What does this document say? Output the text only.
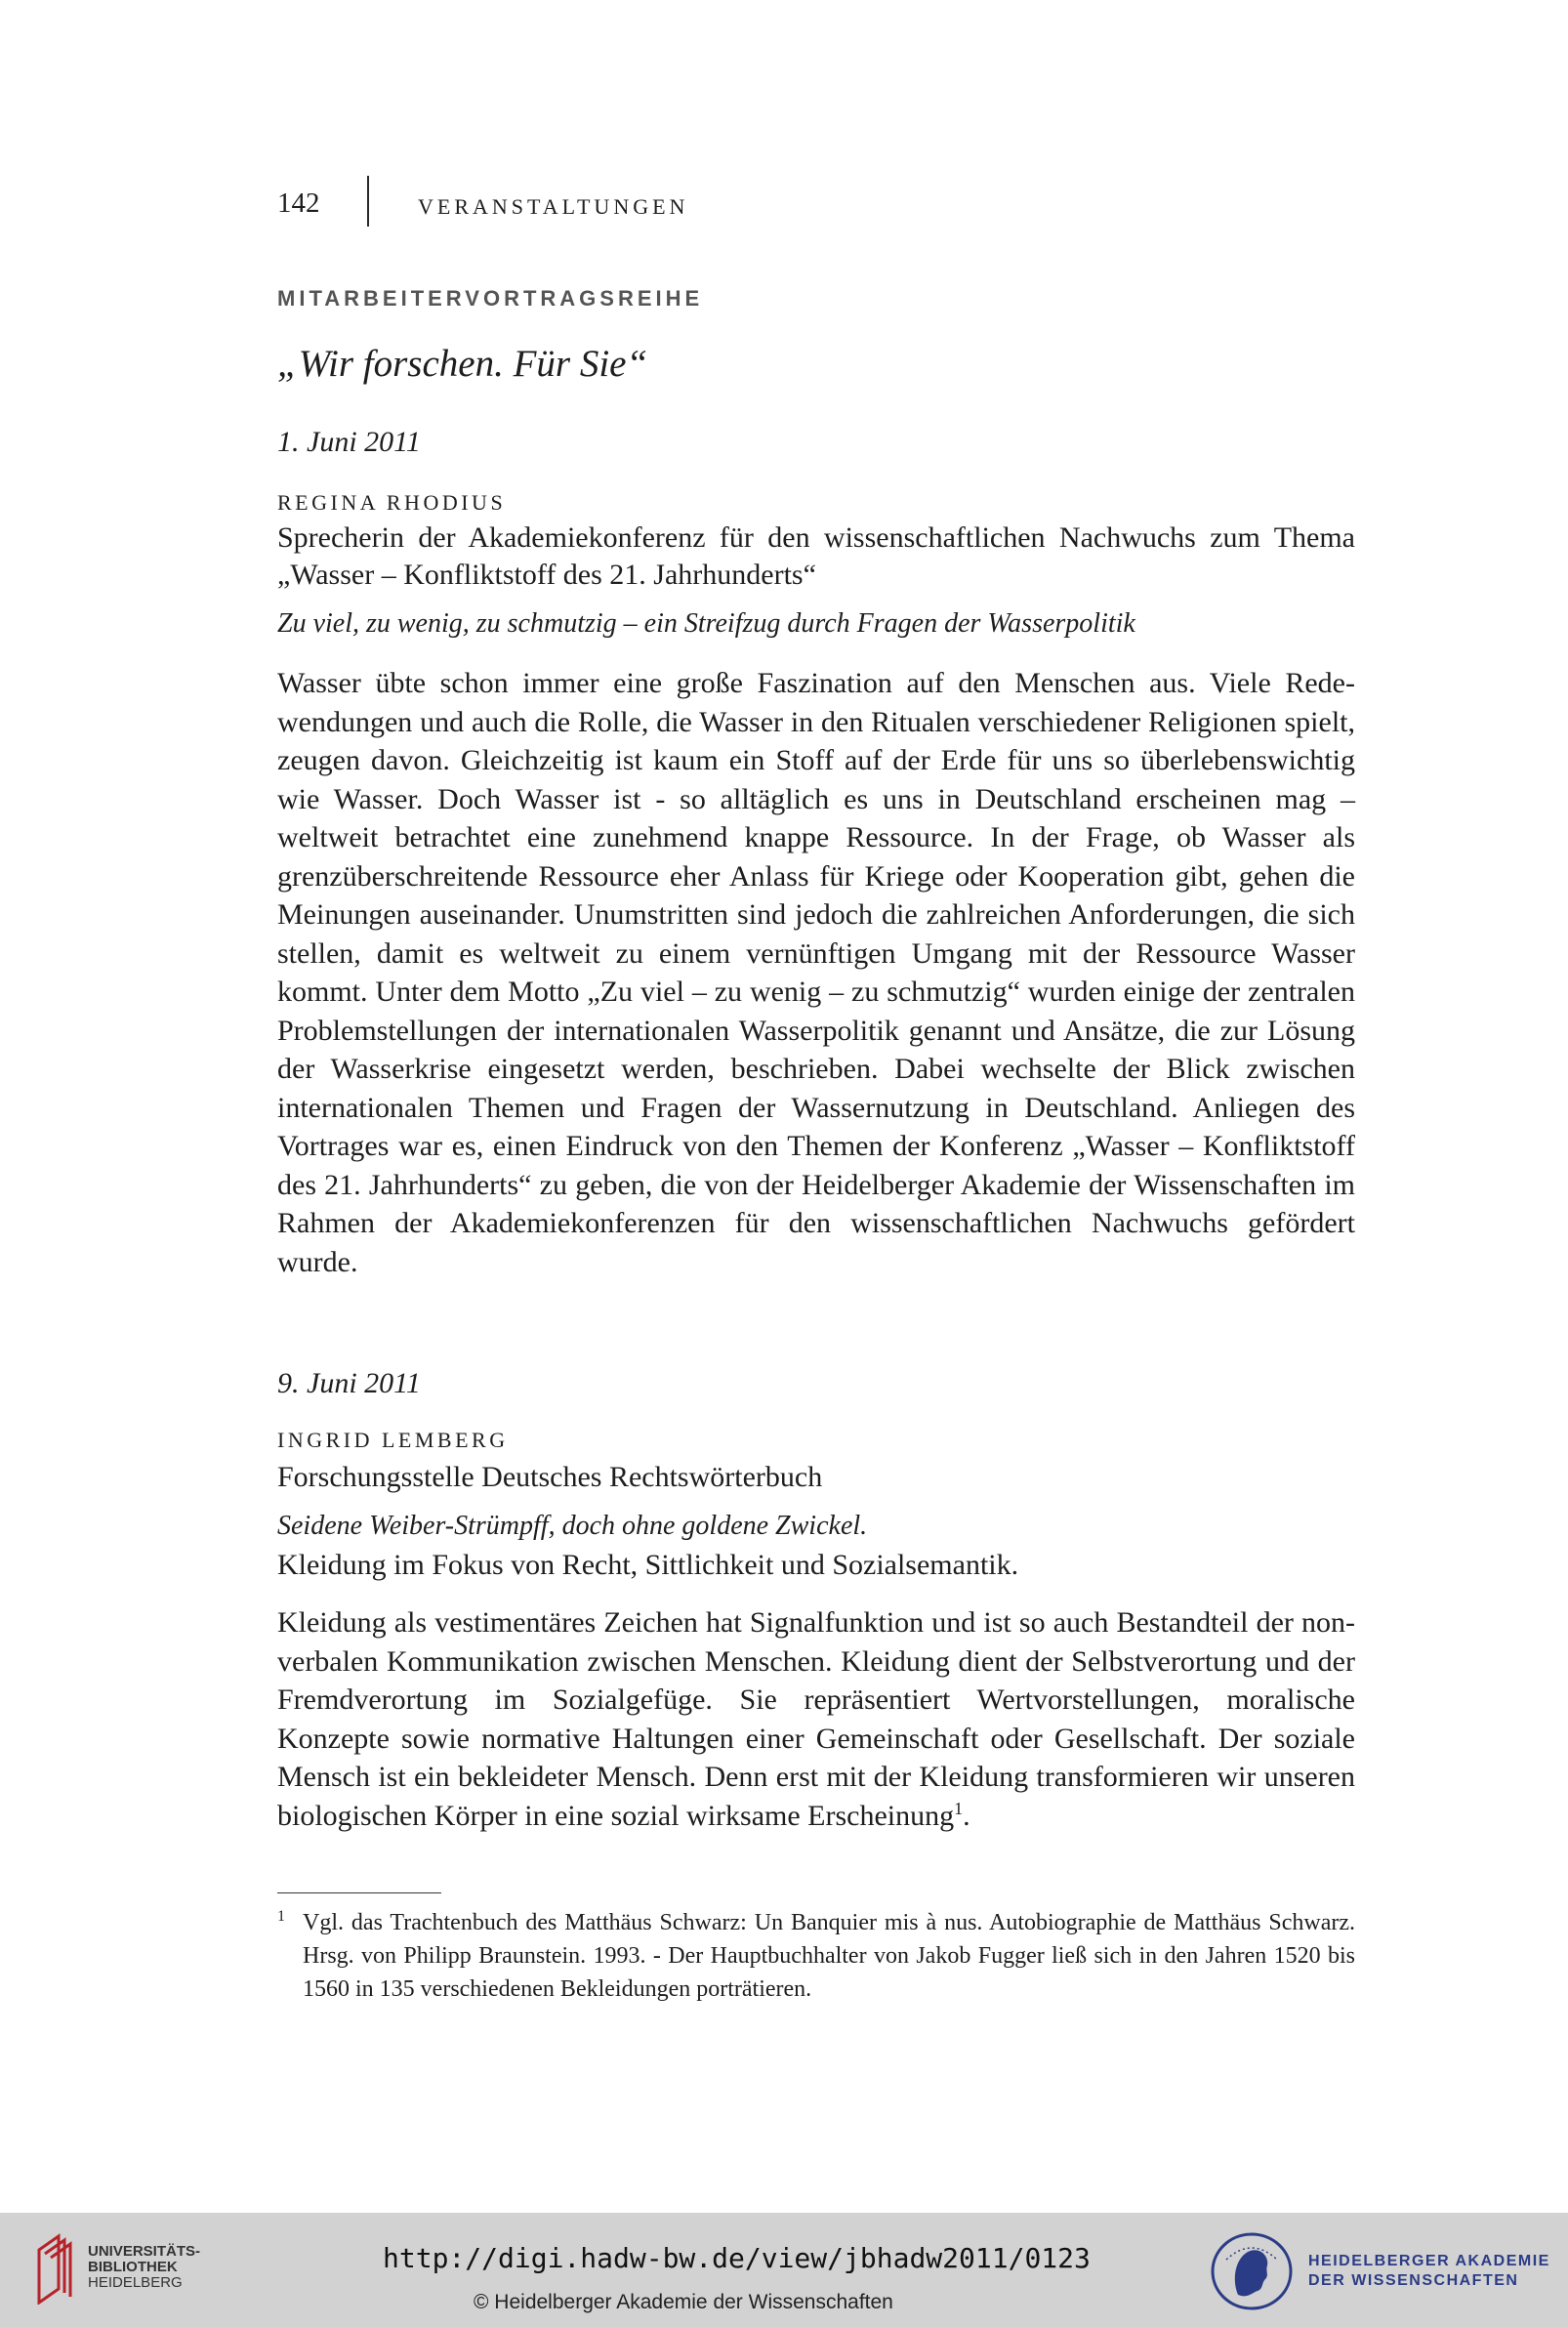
142	VERANSTALTUNGEN
MITARBEITERVORTRAGSREIHE
„Wir forschen. Für Sie“
1. Juni 2011
REGINA RHODIUS
Sprecherin der Akademiekonferenz für den wissenschaftlichen Nachwuchs zum Thema „Wasser – Konfliktstoff des 21. Jahrhunderts“
Zu viel, zu wenig, zu schmutzig – ein Streifzug durch Fragen der Wasserpolitik
Wasser übte schon immer eine große Faszination auf den Menschen aus. Viele Redewendungen und auch die Rolle, die Wasser in den Ritualen verschiedener Religionen spielt, zeugen davon. Gleichzeitig ist kaum ein Stoff auf der Erde für uns so überlebenswichtig wie Wasser. Doch Wasser ist - so alltäglich es uns in Deutschland erscheinen mag – weltweit betrachtet eine zunehmend knappe Ressource. In der Frage, ob Wasser als grenzüberschreitende Ressource eher Anlass für Kriege oder Kooperation gibt, gehen die Meinungen auseinander. Unumstritten sind jedoch die zahlreichen Anforderungen, die sich stellen, damit es weltweit zu einem vernünftigen Umgang mit der Ressource Wasser kommt. Unter dem Motto „Zu viel – zu wenig – zu schmutzig“ wurden einige der zentralen Problemstellungen der internationalen Wasserpolitik genannt und Ansätze, die zur Lösung der Wasserkrise eingesetzt werden, beschrieben. Dabei wechselte der Blick zwischen internationalen Themen und Fragen der Wassernutzung in Deutschland. Anliegen des Vortrages war es, einen Eindruck von den Themen der Konferenz „Wasser – Konfliktstoff des 21. Jahrhunderts“ zu geben, die von der Heidelberger Akademie der Wissenschaften im Rahmen der Akademiekonferenzen für den wissenschaftlichen Nachwuchs gefördert wurde.
9. Juni 2011
INGRID LEMBERG
Forschungsstelle Deutsches Rechtswörterbuch
Seidene Weiber-Strümpff, doch ohne goldene Zwickel.
Kleidung im Fokus von Recht, Sittlichkeit und Sozialsemantik.
Kleidung als vestimentäres Zeichen hat Signalfunktion und ist so auch Bestandteil der non-verbalen Kommunikation zwischen Menschen. Kleidung dient der Selbstverortung und der Fremdverortung im Sozialgefüge. Sie repräsentiert Wertvorstellungen, moralische Konzepte sowie normative Haltungen einer Gemeinschaft oder Gesellschaft. Der soziale Mensch ist ein bekleideter Mensch. Denn erst mit der Kleidung transformieren wir unseren biologischen Körper in eine sozial wirksame Erscheinung$^1$.
1 Vgl. das Trachtenbuch des Matthäus Schwarz: Un Banquier mis à nus. Autobiographie de Matthäus Schwarz. Hrsg. von Philipp Braunstein. 1993. - Der Hauptbuchhalter von Jakob Fugger ließ sich in den Jahren 1520 bis 1560 in 135 verschiedenen Bekleidungen porträtieren.
UNIVERSITÄTS-
BIBLIOTHEK
HEIDELBERG
http://digi.hadw-bw.de/view/jbhadw2011/0123
© Heidelberger Akademie der Wissenschaften
HEIDELBERGER AKADEMIE
DER WISSENSCHAFTEN
